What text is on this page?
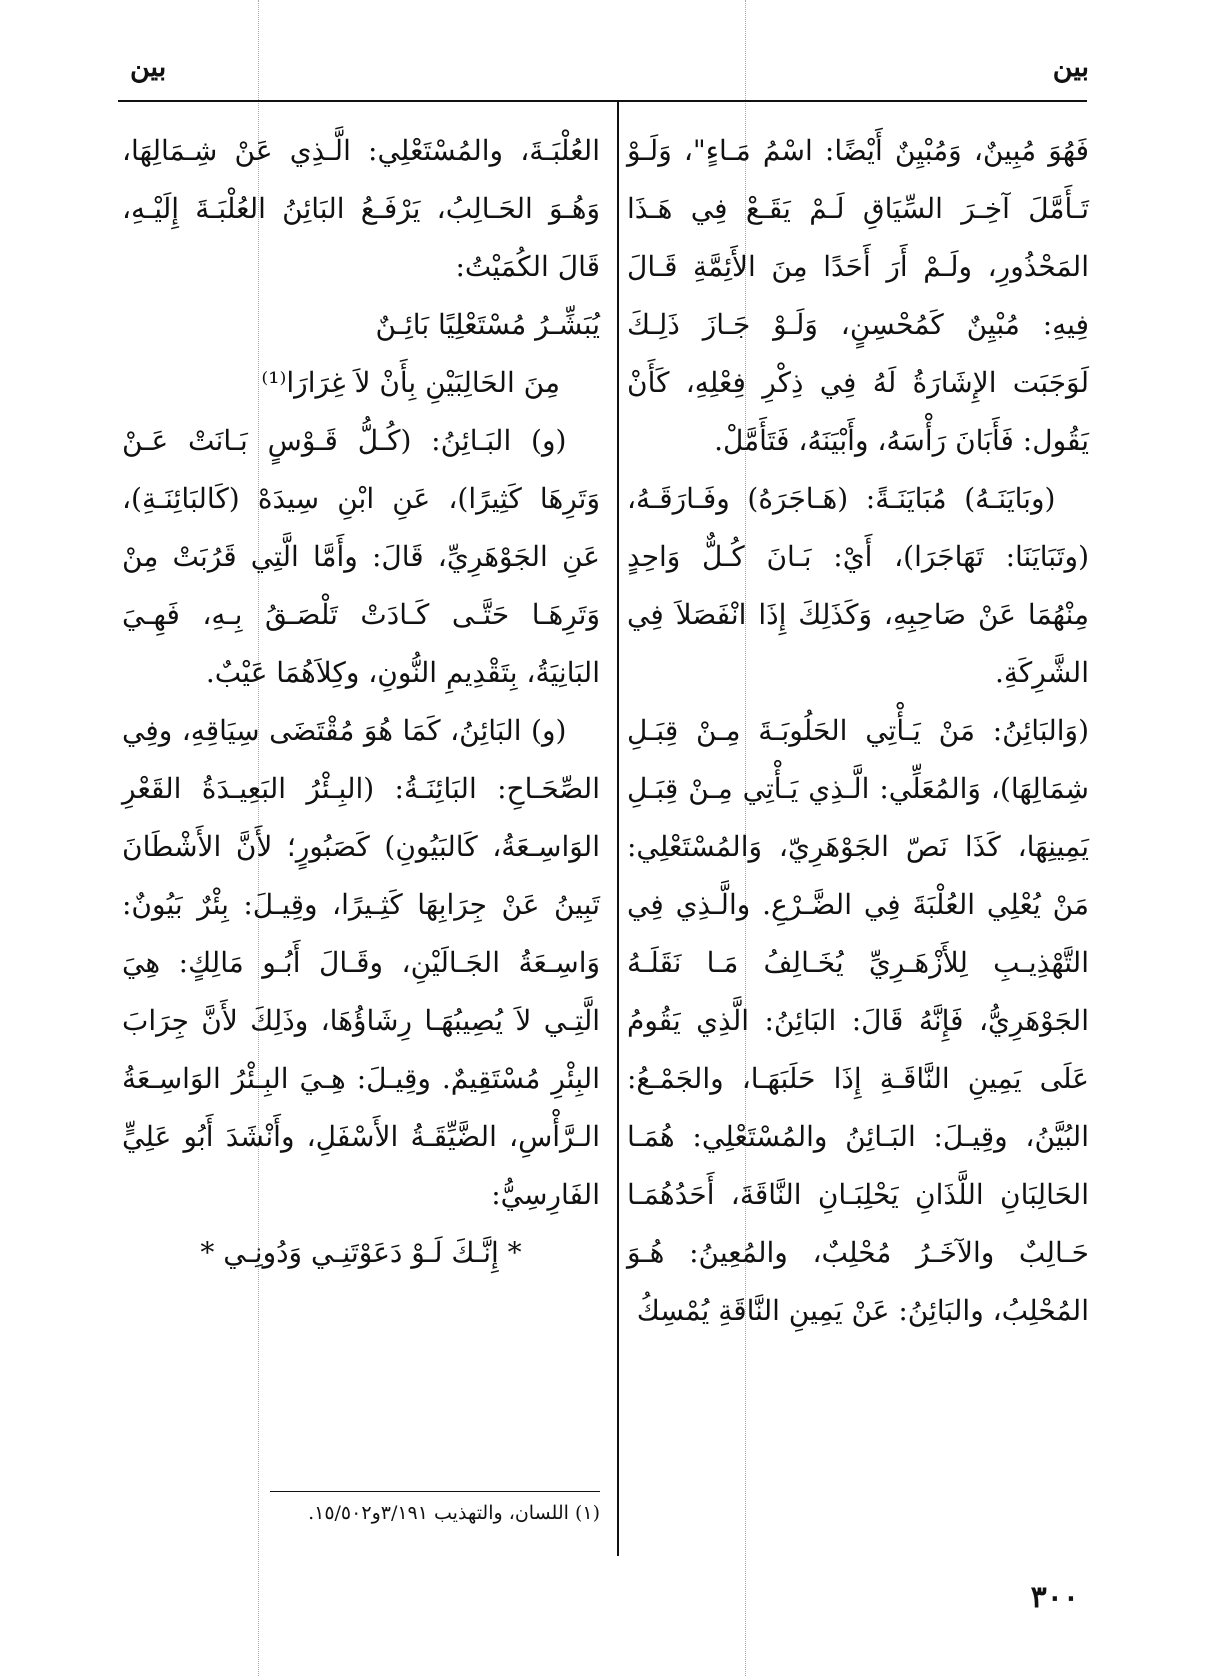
بين
بين

فَهُوَ مُبِينٌ، وَمُبْيِنٌ أَيْضًا: اسْمُ مَـاءٍ"، وَلَـوْ تَـأَمَّلَ آخِـرَ السِّيَاقِ لَـمْ يَقَـعْ فِي هَـذَا المَحْذُورِ، ولَـمْ أَرَ أَحَدًا مِنَ الأَئِمَّةِ قَـالَ فِيهِ: مُبْيِنٌ كَمُحْسِنٍ، وَلَـوْ جَـازَ ذَلِـكَ لَوَجَبَت الإِشَارَةُ لَهُ فِي ذِكْرِ فِعْلِهِ، كَأَنْ يَقُول: فَأَبَانَ رَأْسَهُ، وأَبْيَنَهُ، فَتَأَمَّلْ.

(وبَايَنَـهُ) مُبَايَنَـةً: (هَـاجَرَهُ) وفَـارَقَـهُ، (وتَبَايَنَا: تَهَاجَرَا)، أَيْ: بَـانَ كُـلٌّ وَاحِدٍ مِنْهُمَا عَنْ صَاحِبِهِ، وَكَذَلِكَ إِذَا انْفَصَلاَ فِي الشَّرِكَةِ.

(وَالبَائِنُ: مَنْ يَـأْتِي الحَلُوبَـةَ مِـنْ قِبَـلِ شِمَالِهَا)، وَالمُعَلِّي: الَّـذِي يَـأْتِي مِـنْ قِبَـلِ يَمِينِهَا، كَذَا نَصّ الجَوْهَرِيّ، وَالمُسْتَعْلِي: مَنْ يُعْلِي العُلْبَةَ فِي الضَّـرْعِ. والَّـذِي فِي التَّهْذِيـبِ لِلأَزْهَـرِيِّ يُخَـالِفُ مَـا نَقَلَـهُ الجَوْهَرِيُّ، فَإِنَّهُ قَالَ: البَائِنُ: الَّذِي يَقُومُ عَلَى يَمِينِ النَّاقَـةِ إِذَا حَلَبَهَـا، والجَمْـعُ: البُيَّنُ، وقِيـلَ: البَـائِنُ والمُسْتَعْلِي: هُمَـا الحَالِبَانِ اللَّذَانِ يَحْلِبَـانِ النَّاقَةَ، أَحَدُهُمَـا حَـالِبٌ والآخَـرُ مُحْلِبٌ، والمُعِينُ: هُـوَ المُحْلِبُ، والبَائِنُ: عَنْ يَمِينِ النَّاقَةِ يُمْسِكُ

العُلْبَـةَ، والمُسْتَعْلِي: الَّـذِي عَنْ شِـمَالِهَا، وَهُـوَ الحَـالِبُ، يَرْفَـعُ البَائِنُ العُلْبَـةَ إِلَيْـهِ، قَالَ الكُمَيْتُ:

يُبَشِّـرُ مُسْتَعْلِيًا بَائِـنٌ

مِنَ الحَالِبَيْنِ بِأَنْ لاَ غِرَارَا⁽¹⁾

(و) البَـائِنُ: (كُـلُّ قَـوْسٍ بَـانَتْ عَـنْ وَتَرِهَا كَثِيرًا)، عَنِ ابْنِ سِيدَهْ (كَالبَائِنَـةِ)، عَنِ الجَوْهَرِيِّ، قَالَ: وأَمَّا الَّتِي قَرُبَتْ مِنْ وَتَرِهَـا حَتَّـى كَـادَتْ تَلْصَـقُ بِـهِ، فَهِـيَ البَانِيَةُ، بِتَقْدِيمِ النُّونِ، وكِلاَهُمَا عَيْبٌ.

(و) البَائِنُ، كَمَا هُوَ مُقْتَضَى سِيَاقِهِ، وفِي الصِّحَـاحِ: البَائِنَـةُ: (البِـئْرُ البَعِيـدَةُ القَعْرِ الوَاسِـعَةُ، كَالبَيُونِ) كَصَبُورٍ؛ لأَنَّ الأَشْطَانَ تَبِينُ عَنْ جِرَابِهَا كَثِـيرًا، وقِيـلَ: بِئْرٌ بَيُونٌ: وَاسِـعَةُ الجَـالَيْنِ، وقَـالَ أَبُـو مَالِكٍ: هِيَ الَّتِـي لاَ يُصِيبُهَـا رِشَاؤُهَا، وذَلِكَ لأَنَّ جِرَابَ البِئْرِ مُسْتَقِيمٌ. وقِيـلَ: هِـيَ البِـئْرُ الوَاسِـعَةُ الـرَّأْسِ، الضَّيِّقَـةُ الأَسْفَلِ، وأَنْشَدَ أَبُو عَلِيٍّ الفَارِسِيُّ:

* إِنَّـكَ لَـوْ دَعَوْتَنِـي وَدُونِـي *

(١) اللسان، والتهذيب ٣/١٩١و١٥/٥٠٢.
٣٠٠
